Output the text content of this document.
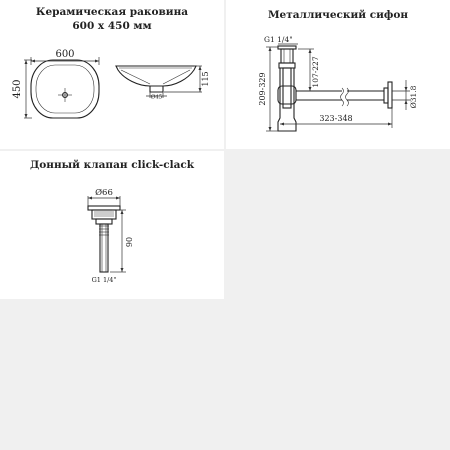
Керамическая раковина
600 x 450 мм
600
450	Ø45
115
Металлический сифон
G1 1/4"
209-329
107-227
323-348
Ø31.8
Донный клапан click-clack
Ø66
90
G1 1/4"
